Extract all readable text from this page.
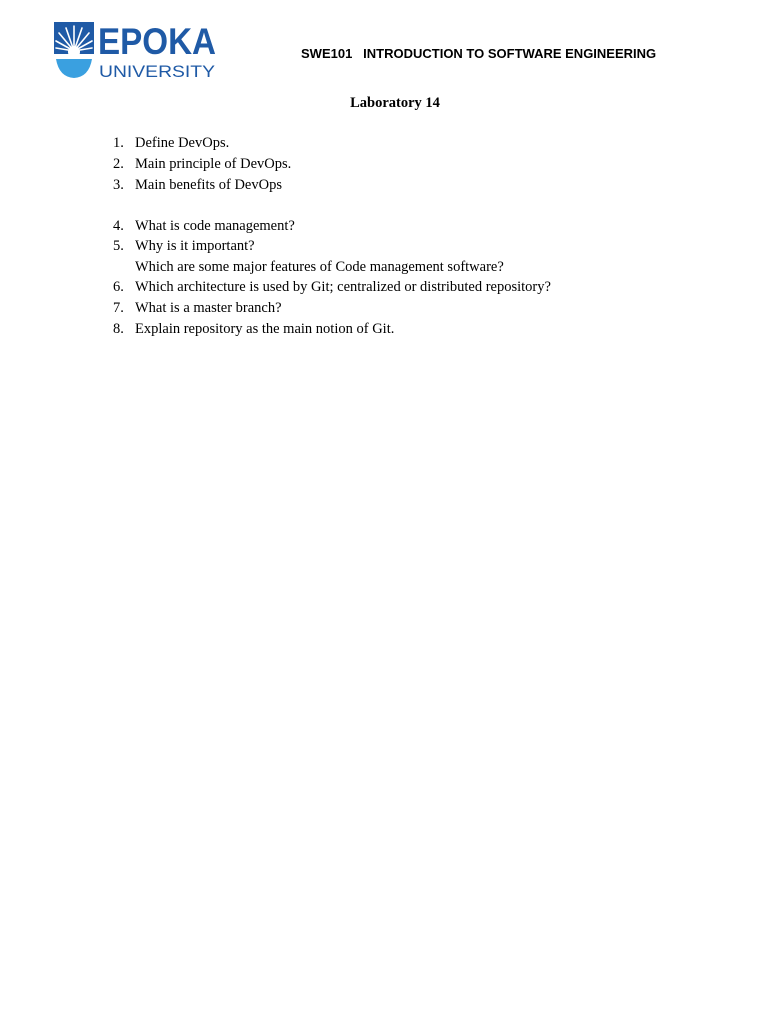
EPOKA
UNIVERSITY
SWE101 INTRODUCTION TO SOFTWARE ENGINEERING
Laboratory 14
1. Define DevOps.
2. Main principle of DevOps.
3. Main benefits of DevOps
4. What is code management?
5. Why is it important?
Which are some major features of Code management software?
6. Which architecture is used by Git; centralized or distributed repository?
7. What is a master branch?
8. Explain repository as the main notion of Git.
